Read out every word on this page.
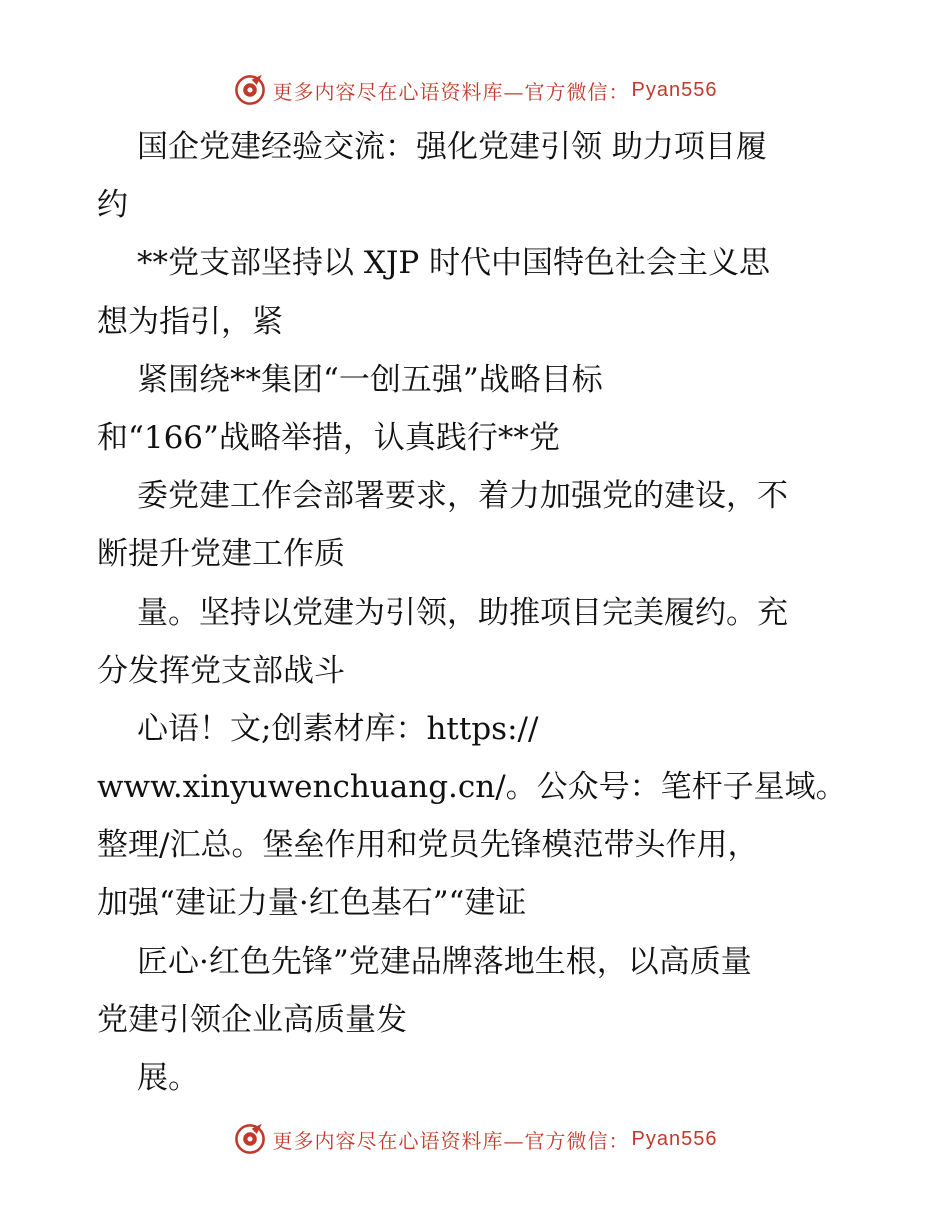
更多内容尽在心语资料库—官方微信： Pyan556
国企党建经验交流：强化党建引领 助力项目履
约
**党支部坚持以 XJP 时代中国特色社会主义思
想为指引，紧
紧围绕**集团“一创五强”战略目标
和“166”战略举措，认真践行**党
委党建工作会部署要求，着力加强党的建设，不
断提升党建工作质
量。坚持以党建为引领，助推项目完美履约。充
分发挥党支部战斗
心语！文;创素材库：https://
www.xinyuwenchuang.cn/。公众号：笔杆子星域。
整理/汇总。堡垒作用和党员先锋模范带头作用，
加强“建证力量·红色基石”“建证
匠心·红色先锋”党建品牌落地生根，以高质量
党建引领企业高质量发
展。
更多内容尽在心语资料库—官方微信： Pyan556
